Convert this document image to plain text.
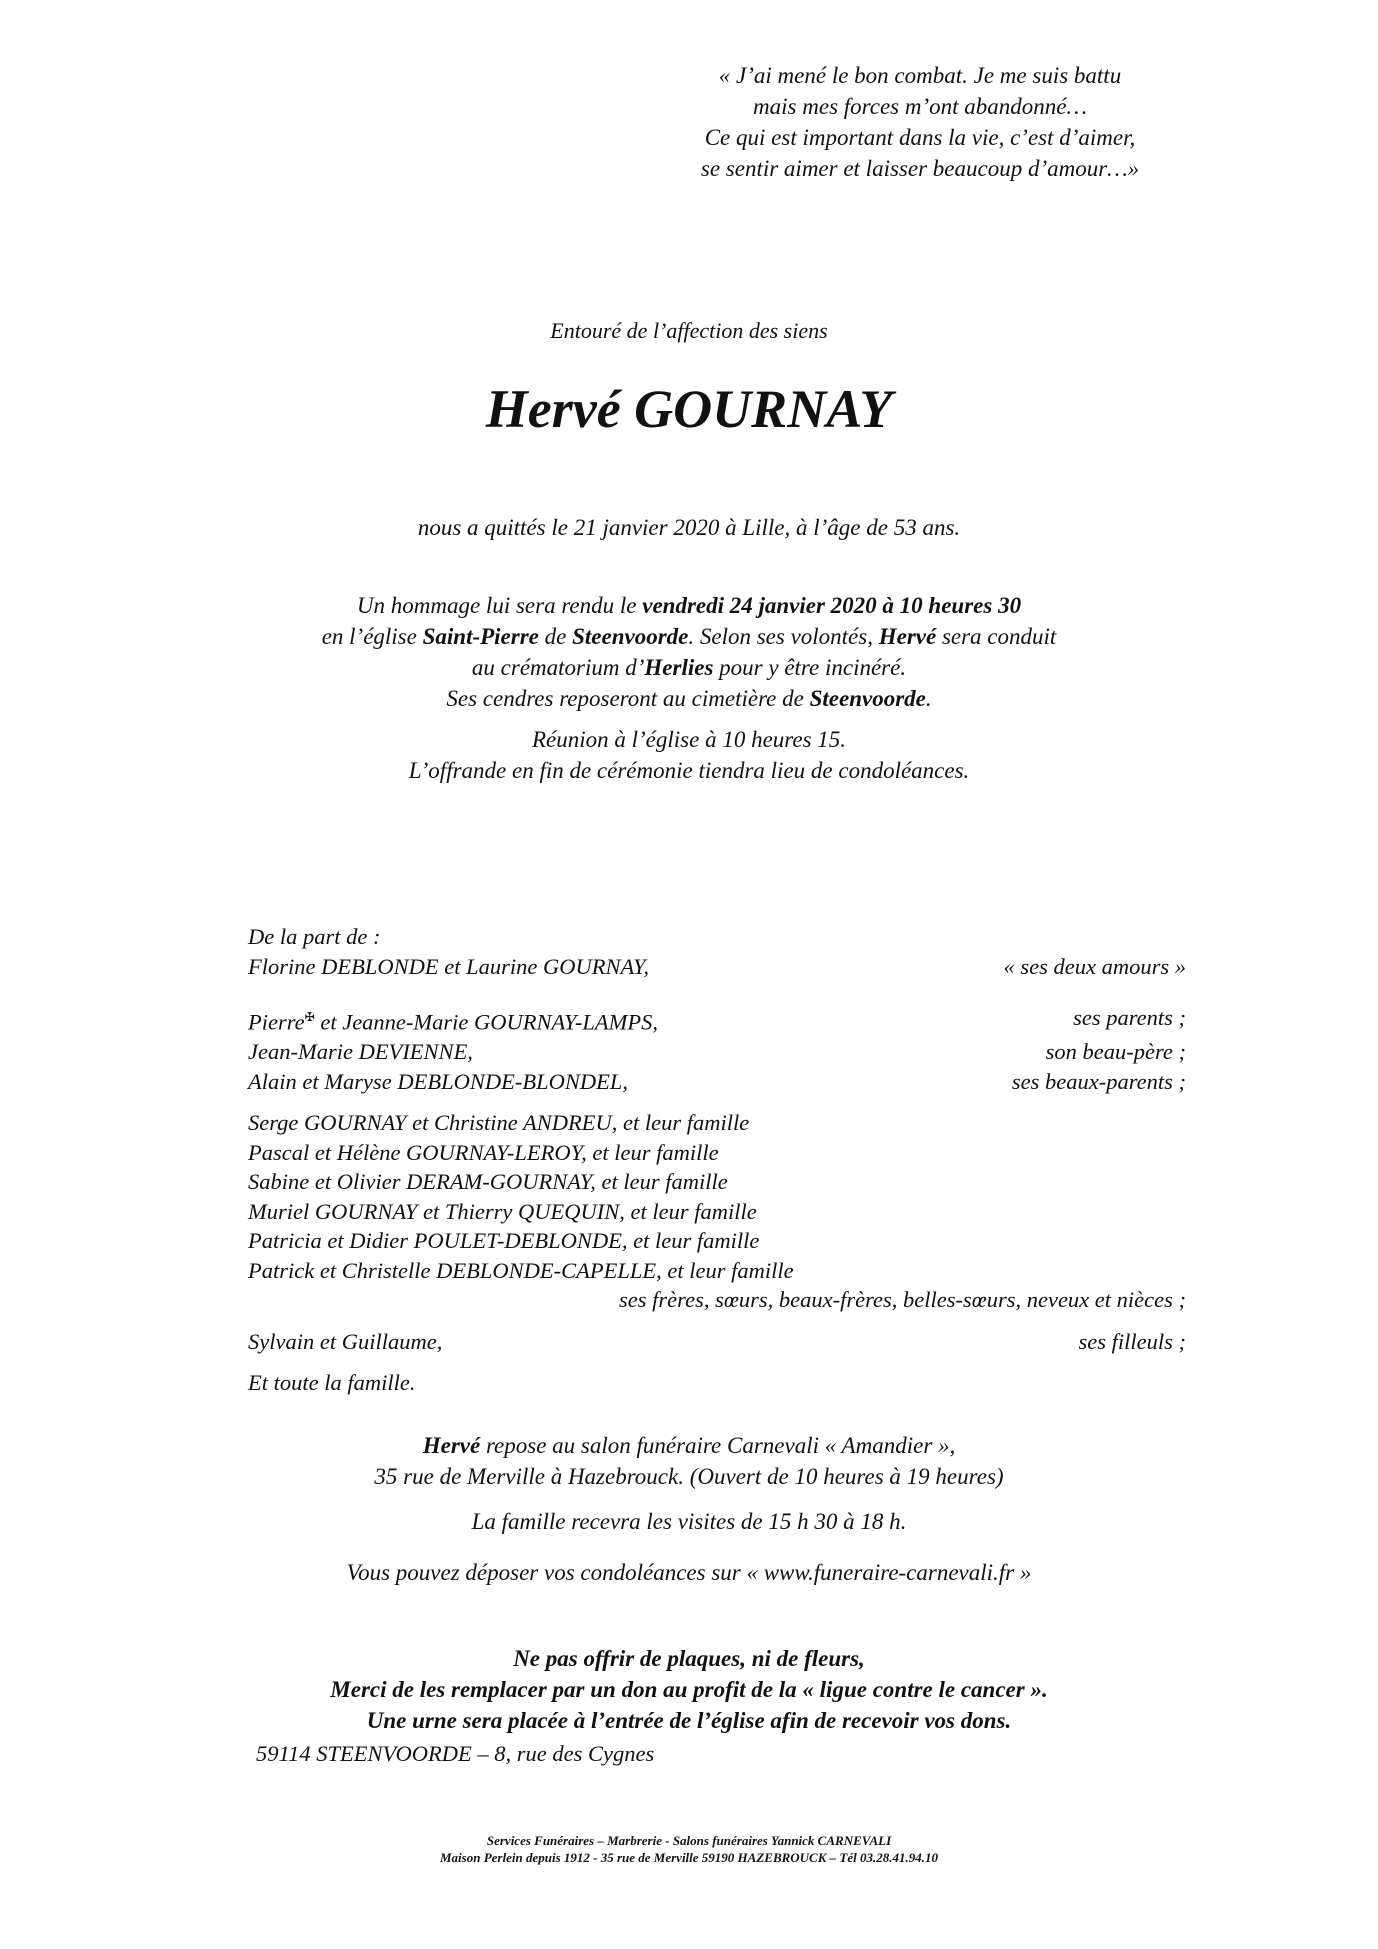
« J’ai mené le bon combat. Je me suis battu
mais mes forces m’ont abandonné…
Ce qui est important dans la vie, c’est d’aimer,
se sentir aimer et laisser beaucoup d’amour…»
Entouré de l’affection des siens
Hervé GOURNAY
nous a quittés le 21 janvier 2020 à Lille, à l’âge de 53 ans.
Un hommage lui sera rendu le vendredi 24 janvier 2020 à 10 heures 30
en l’église Saint-Pierre de Steenvoorde. Selon ses volontés, Hervé sera conduit
au crématorium d’Herlies pour y être incinéré.
Ses cendres reposeront au cimetière de Steenvoorde.
Réunion à l’église à 10 heures 15.
L’offrande en fin de cérémonie tiendra lieu de condoléances.
De la part de :
Florine DEBLONDE et Laurine GOURNAY,	« ses deux amours »
Pierre✠ et Jeanne-Marie GOURNAY-LAMPS,	ses parents ;
Jean-Marie DEVIENNE,	son beau-père ;
Alain et Maryse DEBLONDE-BLONDEL,	ses beaux-parents ;
Serge GOURNAY et Christine ANDREU, et leur famille
Pascal et Hélène GOURNAY-LEROY, et leur famille
Sabine et Olivier DERAM-GOURNAY, et leur famille
Muriel GOURNAY et Thierry QUEQUIN, et leur famille
Patricia et Didier POULET-DEBLONDE, et leur famille
Patrick et Christelle DEBLONDE-CAPELLE, et leur famille
ses frères, sœurs, beaux-frères, belles-sœurs, neveux et nièces ;
Sylvain et Guillaume,	ses filleuls ;
Et toute la famille.
Hervé repose au salon funéraire Carnevali « Amandier »,
35 rue de Merville à Hazebrouck. (Ouvert de 10 heures à 19 heures)
La famille recevra les visites de 15 h 30 à 18 h.
Vous pouvez déposer vos condoléances sur « www.funeraire-carnevali.fr »
Ne pas offrir de plaques, ni de fleurs,
Merci de les remplacer par un don au profit de la « ligue contre le cancer ».
Une urne sera placée à l’entrée de l’église afin de recevoir vos dons.
59114 STEENVOORDE – 8, rue des Cygnes
Services Funéraires – Marbrerie - Salons funéraires Yannick CARNEVALI
Maison Perlein depuis 1912 - 35 rue de Merville 59190 HAZEBROUCK – Tél 03.28.41.94.10
